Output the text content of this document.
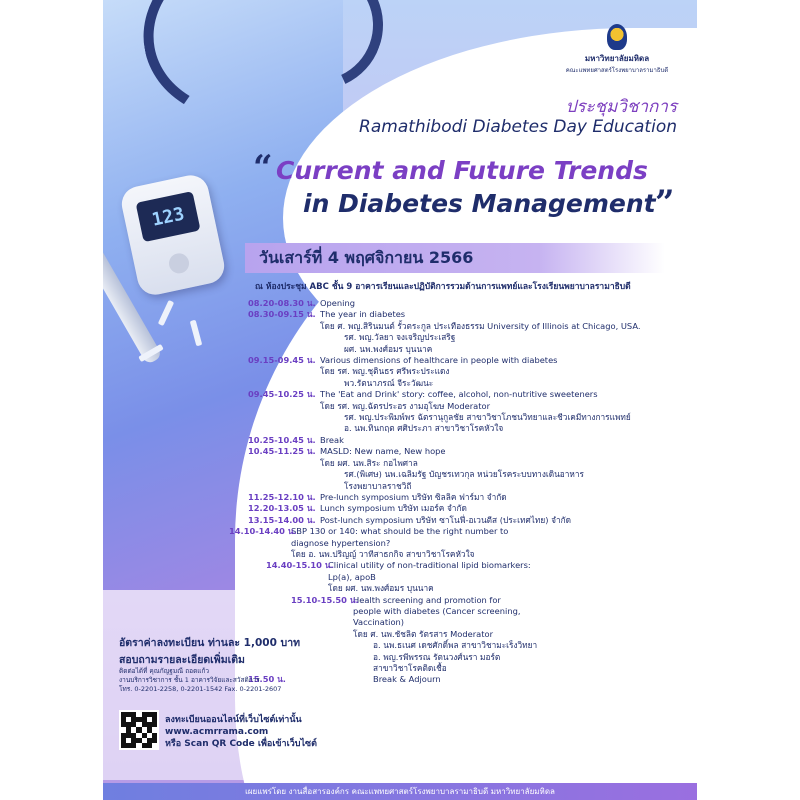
123
มหาวิทยาลัยมหิดล
คณะแพทยศาสตร์โรงพยาบาลรามาธิบดี
ประชุมวิชาการ
Ramathibodi Diabetes Day Education
“ Current and Future Trends
in Diabetes Management ”
วันเสาร์ที่ 4 พฤศจิกายน 2566
ณ ห้องประชุม ABC ชั้น 9 อาคารเรียนและปฏิบัติการรวมด้านการแพทย์และโรงเรียนพยาบาลรามาธิบดี
08.20-08.30 น. Opening
08.30-09.15 น. The year in diabetes
โดย ศ. พญ.สิรินมนต์ รั้วตระกูล ประเทืองธรรม University of Illinois at Chicago, USA.
รศ. พญ.วัลยา จงเจริญประเสริฐ
ผศ. นพ.พงศ์อมร บุนนาค
09.15-09.45 น. Various dimensions of healthcare in people with diabetes
โดย รศ. พญ.ชุตินธร ศรีพระประแดง
พว.รัตนาภรณ์ จีระวัฒนะ
09.45-10.25 น. The 'Eat and Drink' story: coffee, alcohol, non-nutritive sweeteners
โดย รศ. พญ.ฉัตรประอร งามอุโฆษ Moderator
รศ. พญ.ประพิมพ์พร ฉัตรานุกูลชัย สาขาวิชาโภชนวิทยาและชีวเคมีทางการแพทย์
อ. นพ.ทินกฤต ศศิประภา สาขาวิชาโรคหัวใจ
10.25-10.45 น. Break
10.45-11.25 น. MASLD: New name, New hope
โดย ผศ. นพ.สิระ กอไพศาล
รศ.(พิเศษ) นพ.เฉลิมรัฐ บัญชรเทวกุล หน่วยโรคระบบทางเดินอาหาร
โรงพยาบาลราชวิถี
11.25-12.10 น. Pre-lunch symposium บริษัท ซิลลิค ฟาร์มา จำกัด
12.20-13.05 น. Lunch symposium บริษัท เมอร์ค จำกัด
13.15-14.00 น. Post-lunch symposium บริษัท ซาโนฟี่-อเวนตีส (ประเทศไทย) จำกัด
14.10-14.40 น.
SBP 130 or 140: what should be the right number to
diagnose hypertension?
โดย อ. นพ.ปริญญ์ วาทีสาธกกิจ สาขาวิชาโรคหัวใจ
14.40-15.10 น.
Clinical utility of non-traditional lipid biomarkers:
Lp(a), apoB
โดย ผศ. นพ.พงศ์อมร บุนนาค
15.10-15.50 น.
Health screening and promotion for
people with diabetes (Cancer screening,
Vaccination)
โดย ศ. นพ.ชัชลิต รัตรสาร Moderator
อ. นพ.ธเนศ เดชศักดิ์พล สาขาวิชามะเร็งวิทยา
อ. พญ.รพีพรรณ รัตนวงศ์นรา มอร์ต
สาขาวิชาโรคติดเชื้อ
15.50 น.	Break & Adjourn
อัตราค่าลงทะเบียน ท่านละ 1,000 บาท
สอบถามรายละเอียดเพิ่มเติม
ติดต่อได้ที่ คุณกัญฐมณี ถอดแก้ว
งานบริการวิชาการ ชั้น 1 อาคารวิจัยและสวัสดิการ
โทร. 0-2201-2258, 0-2201-1542 Fax. 0-2201-2607
ลงทะเบียนออนไลน์ที่เว็บไซต์เท่านั้น
www.acmrrama.com
หรือ Scan QR Code เพื่อเข้าเว็บไซต์
เผยแพร่โดย งานสื่อสารองค์กร คณะแพทยศาสตร์โรงพยาบาลรามาธิบดี มหาวิทยาลัยมหิดล
